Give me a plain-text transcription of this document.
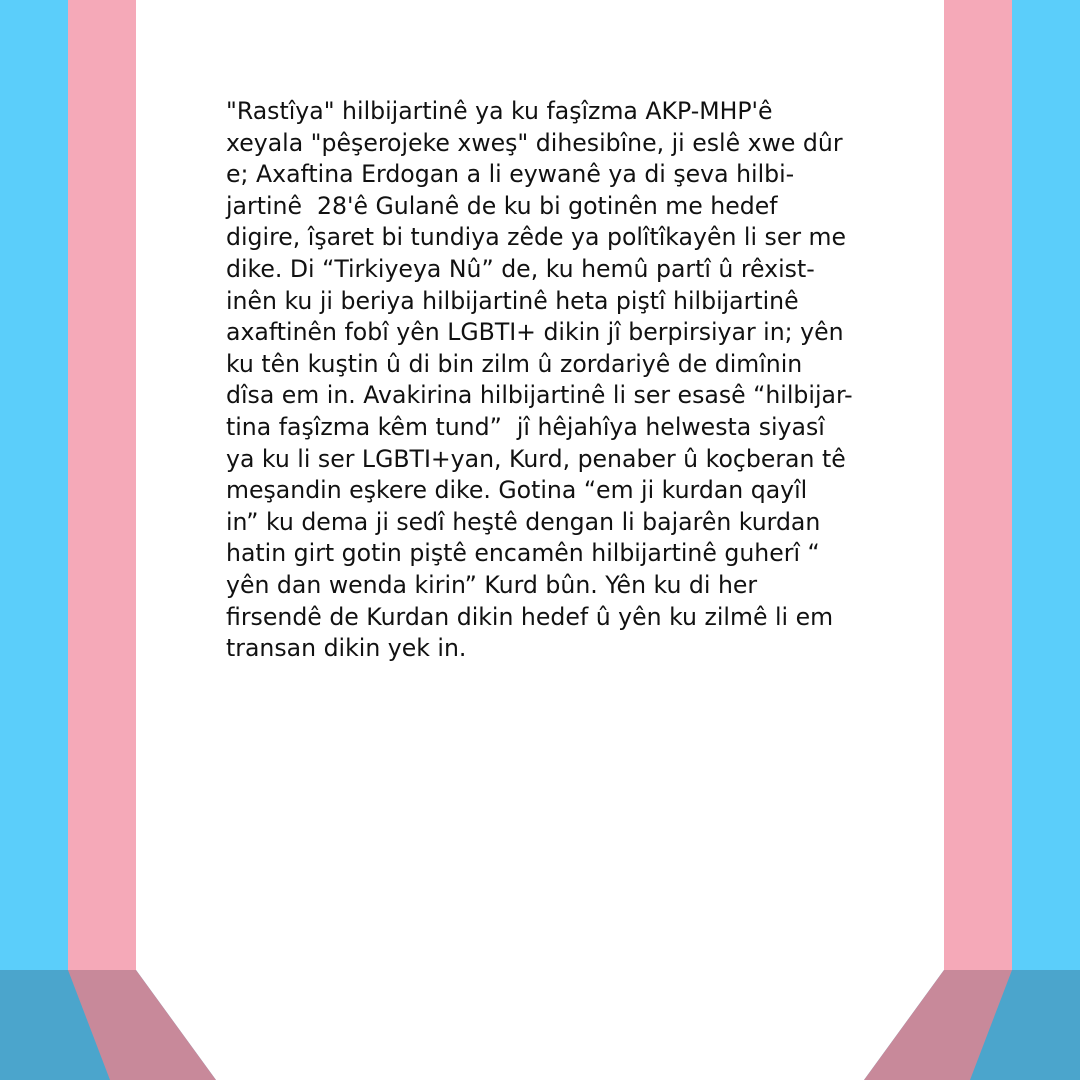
"Rastîya" hilbijartinê ya ku faşîzma AKP-MHP'ê
xeyala "pêşerojeke xweş" dihesibîne, ji eslê xwe dûr
e; Axaftina Erdogan a li eywanê ya di şeva hilbi-
jartinê  28'ê Gulanê de ku bi gotinên me hedef
digire, îşaret bi tundiya zêde ya polîtîkayên li ser me
dike. Di “Tirkiyeya Nû” de, ku hemû partî û rêxist-
inên ku ji beriya hilbijartinê heta piştî hilbijartinê
axaftinên fobî yên LGBTI+ dikin jî berpirsiyar in; yên
ku tên kuştin û di bin zilm û zordariyê de dimînin
dîsa em in. Avakirina hilbijartinê li ser esasê “hilbijar-
tina faşîzma kêm tund”  jî hêjahîya helwesta siyasî
ya ku li ser LGBTI+yan, Kurd, penaber û koçberan tê
meşandin eşkere dike. Gotina “em ji kurdan qayîl
in” ku dema ji sedî heştê dengan li bajarên kurdan
hatin girt gotin piştê encamên hilbijartinê guherî “
yên dan wenda kirin” Kurd bûn. Yên ku di her
firsendê de Kurdan dikin hedef û yên ku zilmê li em
transan dikin yek in.
